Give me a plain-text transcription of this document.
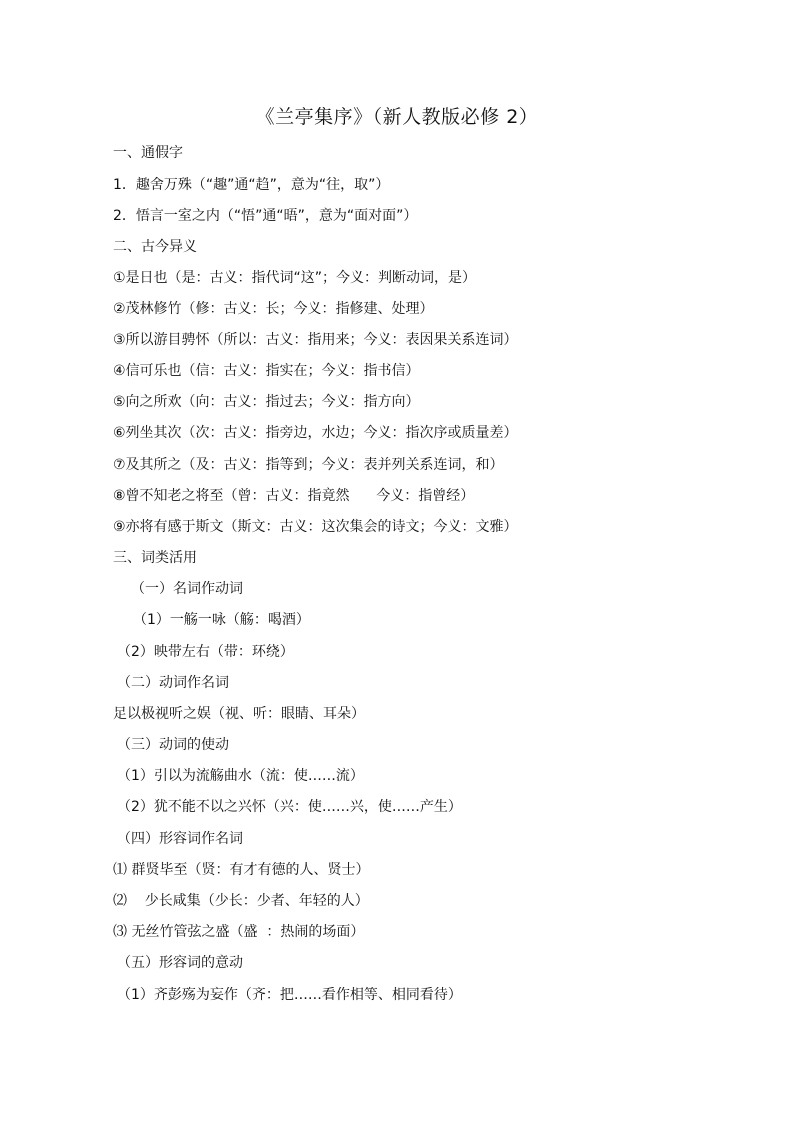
《兰亭集序》（新人教版必修 2）
一、通假字
1．趣舍万殊（“趣”通“趋”，意为“往，取”）
2．悟言一室之内（“悟”通“晤”，意为“面对面”）
二、古今异义
①是日也（是：古义：指代词“这”；今义：判断动词，是）
②茂林修竹（修：古义：长；今义：指修建、处理）
③所以游目骋怀（所以：古义：指用来；今义：表因果关系连词）
④信可乐也（信：古义：指实在；今义：指书信）
⑤向之所欢（向：古义：指过去；今义：指方向）
⑥列坐其次（次：古义：指旁边，水边；今义：指次序或质量差）
⑦及其所之（及：古义：指等到；今义：表并列关系连词，和）
⑧曾不知老之将至（曾：古义：指竟然      今义：指曾经）
⑨亦将有感于斯文（斯文：古义：这次集会的诗文；今义：文雅）
三、词类活用
（一）名词作动词
（1）一觞一咏（觞：喝酒）
（2）映带左右（带：环绕）
（二）动词作名词
足以极视听之娱（视、听：眼睛、耳朵）
（三）动词的使动
（1）引以为流觞曲水（流：使……流）
（2）犹不能不以之兴怀（兴：使……兴，使……产生）
（四）形容词作名词
⑴ 群贤毕至（贤：有才有德的人、贤士）
⑵    少长咸集（少长：少者、年轻的人）
⑶ 无丝竹管弦之盛（盛  ：热闹的场面）
（五）形容词的意动
（1）齐彭殇为妄作（齐：把……看作相等、相同看待）
